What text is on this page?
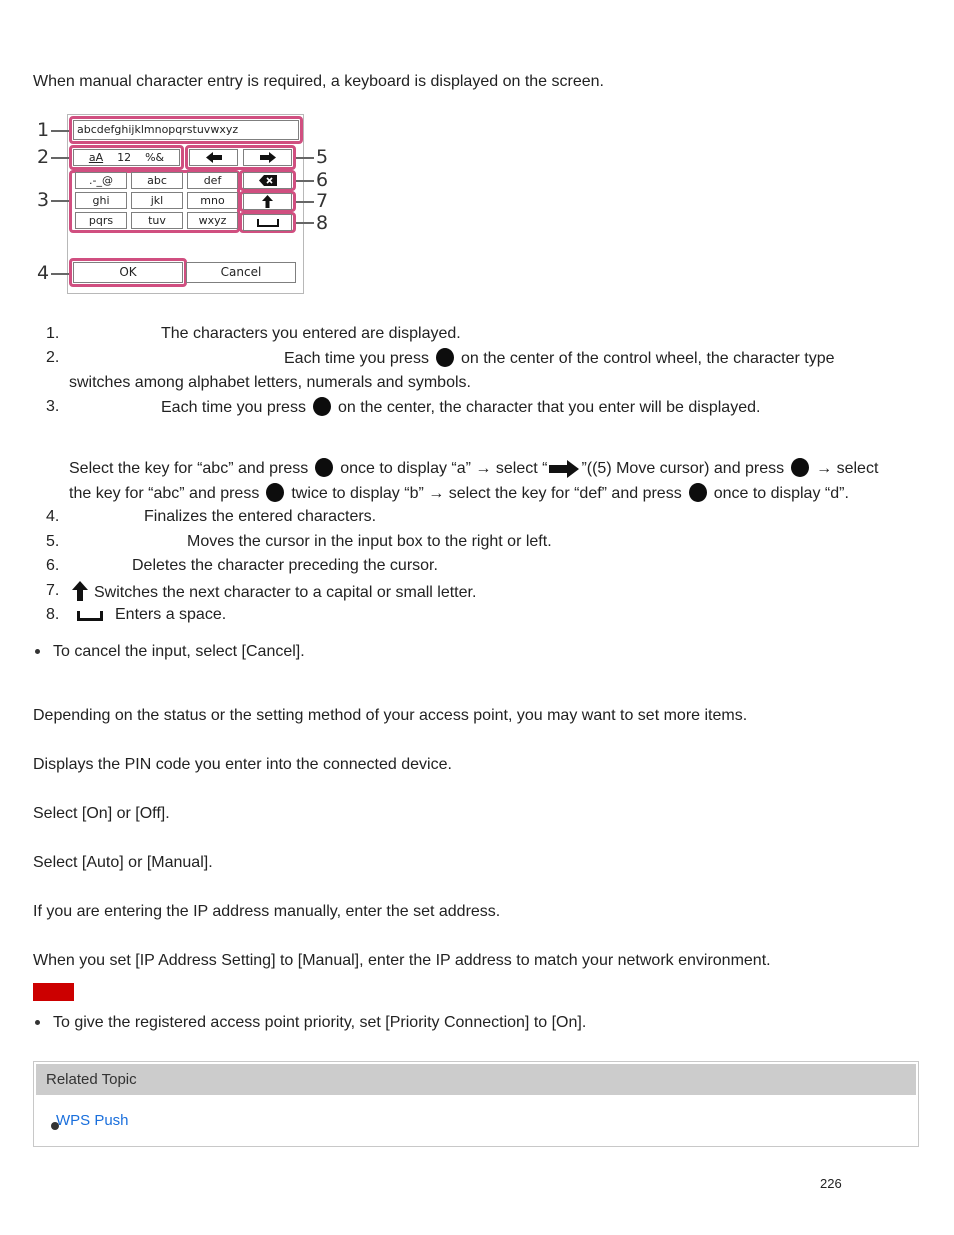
When manual character entry is required, a keyboard is displayed on the screen.
abcdefghijklmnopqrstuvwxyz
aA 12 %&
.-_@	abc	def
ghi	jkl	mno
pqrs	tuv	wxyz
OK	Cancel
1
2
3
4
5
6
7
8
1.	The characters you entered are displayed.
2.	Each time you press on the center of the control wheel, the character type
switches among alphabet letters, numerals and symbols.
3.	Each time you press on the center, the character that you enter will be displayed.
Select the key for “abc” and press once to display “a” → select “ ”((5) Move cursor) and press → select
the key for “abc” and press twice to display “b” → select the key for “def” and press once to display “d”.
4.	Finalizes the entered characters.
5.	Moves the cursor in the input box to the right or left.
6.	Deletes the character preceding the cursor.
7.	Switches the next character to a capital or small letter.
8.	Enters a space.
To cancel the input, select [Cancel].
Depending on the status or the setting method of your access point, you may want to set more items.
Displays the PIN code you enter into the connected device.
Select [On] or [Off].
Select [Auto] or [Manual].
If you are entering the IP address manually, enter the set address.
When you set [IP Address Setting] to [Manual], enter the IP address to match your network environment.
To give the registered access point priority, set [Priority Connection] to [On].
Related Topic
WPS Push
226
